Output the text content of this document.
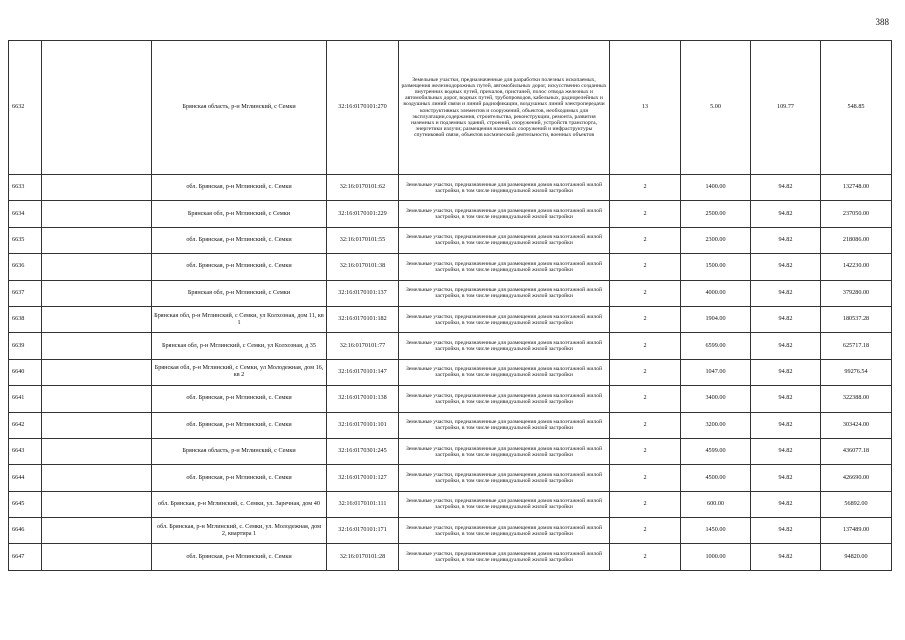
388
6632		Брянская область, р-н Мглинский, с Семки	32:16:0170101:270	Земельные участки, предназначенные для разработки полезных ископаемых, размещения железнодорожных путей, автомобильных дорог, искусственно созданных внутренних водных путей, причалов, пристаней, полос отвода железных и автомобильных дорог, водных путей, трубопроводов, кабельных, радиорелейных и воздушных линий связи и линий радиофикации, воздушных линий электропередачи конструктивных элементов и сооружений, объектов, необходимых для эксплуатации,содержания, строительства, реконструкции, ремонта, развития наземных и подземных зданий, строений, сооружений, устройств транспорта, энергетики излучи; размещения наземных сооружений и инфраструктуры спутниковой связи, объектов космической деятельности, военных объектов	13	5.00	109.77	548.85
6633		обл. Брянская, р-н Мглинский, с. Семки	32:16:0170101:62	Земельные участки, предназначенные для размещения домов малоэтажной жилой застройки, в том числе индивидуальной жилой застройки	2	1400.00	94.82	132748.00
6634		Брянская обл, р-н Мглинский, с Семки	32:16:0170101:229	Земельные участки, предназначенные для размещения домов малоэтажной жилой застройки, в том числе индивидуальной жилой застройки	2	2500.00	94.82	237050.00
6635		обл. Брянская, р-н Мглинский, с. Семки	32:16:0170101:55	Земельные участки, предназначенные для размещения домов малоэтажной жилой застройки, в том числе индивидуальной жилой застройки	2	2300.00	94.82	218086.00
6636		обл. Брянская, р-н Мглинский, с. Семки	32:16:0170101:38	Земельные участки, предназначенные для размещения домов малоэтажной жилой застройки, в том числе индивидуальной жилой застройки	2	1500.00	94.82	142230.00
6637		Брянская обл, р-н Мглинский, с Семки	32:16:0170101:137	Земельные участки, предназначенные для размещения домов малоэтажной жилой застройки, в том числе индивидуальной жилой застройки	2	4000.00	94.82	379280.00
6638		Брянская обл, р-н Мглинский, с Семки, ул Колхозная, дом 11, кв 1	32:16:0170101:182	Земельные участки, предназначенные для размещения домов малоэтажной жилой застройки, в том числе индивидуальной жилой застройки	2	1904.00	94.82	180537.28
6639		Брянская обл, р-н Мглинский, с Семки, ул Колхозная, д 35	32:16:0170101:77	Земельные участки, предназначенные для размещения домов малоэтажной жилой застройки, в том числе индивидуальной жилой застройки	2	6599.00	94.82	625717.18
6640		Брянская обл, р-н Мглинский, с Семки, ул Молодежная, дом 16, кв 2	32:16:0170101:147	Земельные участки, предназначенные для размещения домов малоэтажной жилой застройки, в том числе индивидуальной жилой застройки	2	1047.00	94.82	99276.54
6641		обл. Брянская, р-н Мглинский, с. Семки	32:16:0170101:138	Земельные участки, предназначенные для размещения домов малоэтажной жилой застройки, в том числе индивидуальной жилой застройки	2	3400.00	94.82	322388.00
6642		обл. Брянская, р-н Мглинский, с. Семки	32:16:0170101:101	Земельные участки, предназначенные для размещения домов малоэтажной жилой застройки, в том числе индивидуальной жилой застройки	2	3200.00	94.82	303424.00
6643		Брянская область, р-н Мглинский, с Семки	32:16:0170301:245	Земельные участки, предназначенные для размещения домов малоэтажной жилой застройки, в том числе индивидуальной жилой застройки	2	4599.00	94.82	436077.18
6644		обл. Брянская, р-н Мглинский, с. Семки	32:16:0170101:127	Земельные участки, предназначенные для размещения домов малоэтажной жилой застройки, в том числе индивидуальной жилой застройки	2	4500.00	94.82	426690.00
6645		обл. Брянская, р-н Мглинский, с. Семки, ул. Заречная, дом 40	32:16:0170101:111	Земельные участки, предназначенные для размещения домов малоэтажной жилой застройки, в том числе индивидуальной жилой застройки	2	600.00	94.82	56892.00
6646		обл. Брянская, р-н Мглинский, с. Семки, ул. Молодежная, дом 2, квартира 1	32:16:0170101:171	Земельные участки, предназначенные для размещения домов малоэтажной жилой застройки, в том числе индивидуальной жилой застройки	2	1450.00	94.82	137489.00
6647		обл. Брянская, р-н Мглинский, с. Семки	32:16:0170101:28	Земельные участки, предназначенные для размещения домов малоэтажной жилой застройки, в том числе индивидуальной жилой застройки	2	1000.00	94.82	94820.00
